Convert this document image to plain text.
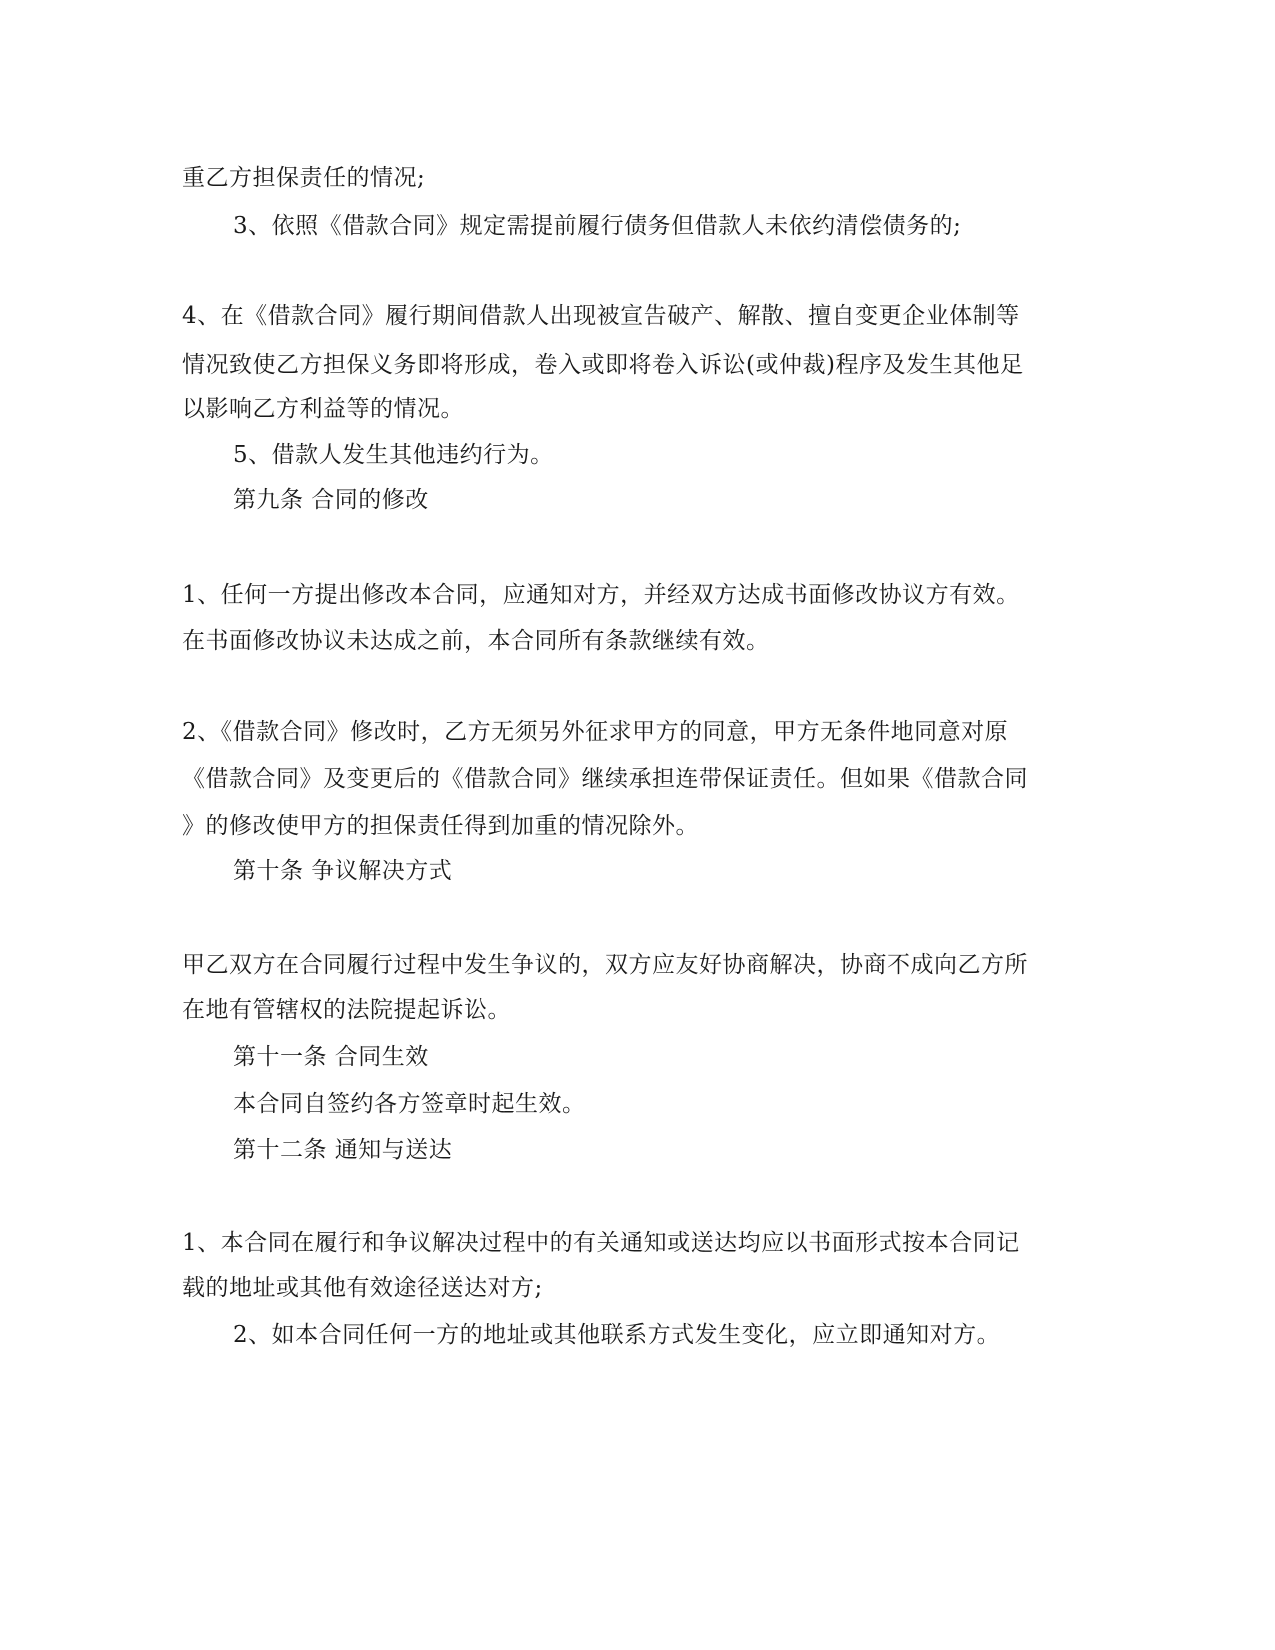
重乙方担保责任的情况;
3、依照《借款合同》规定需提前履行债务但借款人未依约清偿债务的;
4、在《借款合同》履行期间借款人出现被宣告破产、解散、擅自变更企业体制等
情况致使乙方担保义务即将形成，卷入或即将卷入诉讼(或仲裁)程序及发生其他足
以影响乙方利益等的情况。
5、借款人发生其他违约行为。
第九条 合同的修改
1、任何一方提出修改本合同，应通知对方，并经双方达成书面修改协议方有效。
在书面修改协议未达成之前，本合同所有条款继续有效。
2、《借款合同》修改时，乙方无须另外征求甲方的同意，甲方无条件地同意对原
《借款合同》及变更后的《借款合同》继续承担连带保证责任。但如果《借款合同
》的修改使甲方的担保责任得到加重的情况除外。
第十条 争议解决方式
甲乙双方在合同履行过程中发生争议的，双方应友好协商解决，协商不成向乙方所
在地有管辖权的法院提起诉讼。
第十一条 合同生效
本合同自签约各方签章时起生效。
第十二条 通知与送达
1、本合同在履行和争议解决过程中的有关通知或送达均应以书面形式按本合同记
载的地址或其他有效途径送达对方;
2、如本合同任何一方的地址或其他联系方式发生变化，应立即通知对方。
